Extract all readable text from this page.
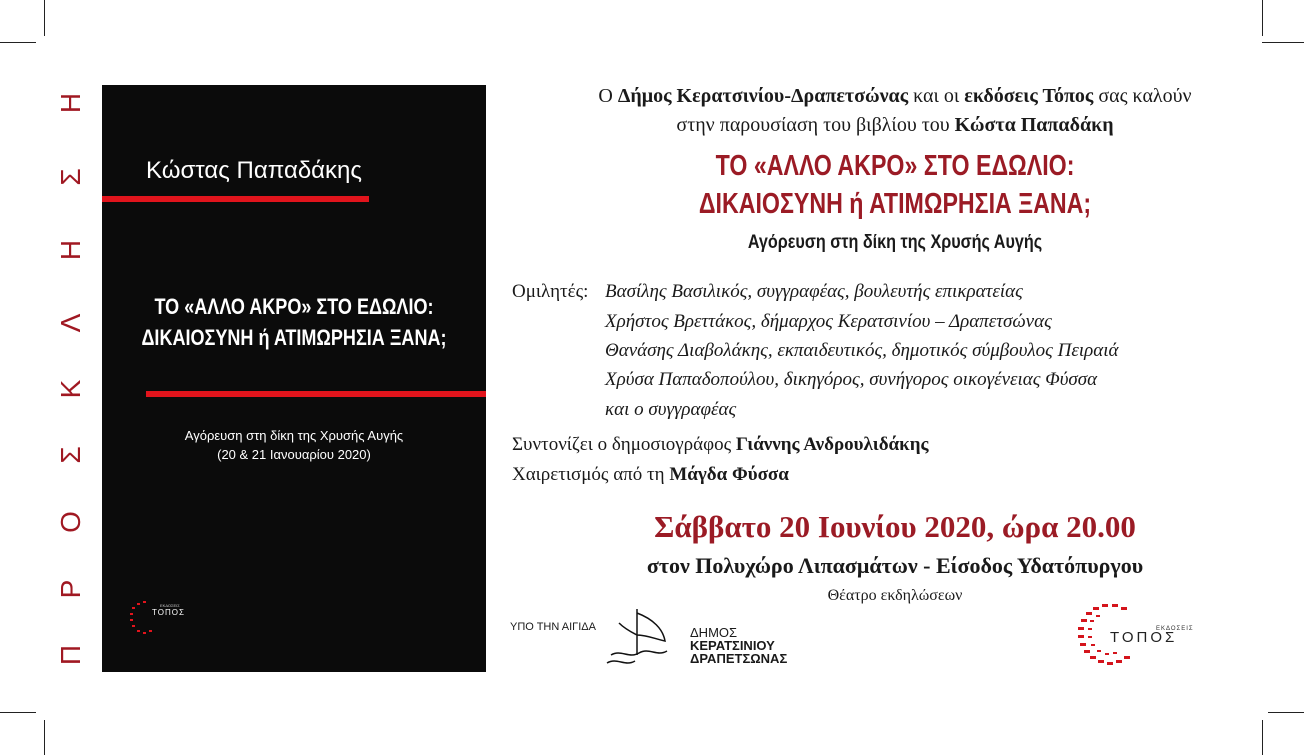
Π
Ρ
Ο
Σ
Κ
Λ
Η
Σ
Η
Κώστας Παπαδάκης
ΤΟ «ΑΛΛΟ ΑΚΡΟ» ΣΤΟ ΕΔΩΛΙΟ:
ΔΙΚΑΙΟΣΥΝΗ ή ΑΤΙΜΩΡΗΣΙΑ ΞΑΝΑ;
Αγόρευση στη δίκη της Χρυσής Αυγής
(20 & 21 Ιανουαρίου 2020)
ΕΚΔΟΣΕΙΣ
ΤΟΠΟΣ
Ο Δήμος Κερατσινίου-Δραπετσώνας και οι εκδόσεις Τόπος σας καλούν
στην παρουσίαση του βιβλίου του Κώστα Παπαδάκη
ΤΟ «ΑΛΛΟ ΑΚΡΟ» ΣΤΟ ΕΔΩΛΙΟ:
ΔΙΚΑΙΟΣΥΝΗ ή ΑΤΙΜΩΡΗΣΙΑ ΞΑΝΑ;
Αγόρευση στη δίκη της Χρυσής Αυγής
Ομιλητές: Βασίλης Βασιλικός, συγγραφέας, βουλευτής επικρατείας
Χρήστος Βρεττάκος, δήμαρχος Κερατσινίου – Δραπετσώνας
Θανάσης Διαβολάκης, εκπαιδευτικός, δημοτικός σύμβουλος Πειραιά
Χρύσα Παπαδοπούλου, δικηγόρος, συνήγορος οικογένειας Φύσσα
και ο συγγραφέας
Συντονίζει ο δημοσιογράφος Γιάννης Ανδρουλιδάκης
Χαιρετισμός από τη Μάγδα Φύσσα
Σάββατο 20 Ιουνίου 2020, ώρα 20.00
στον Πολυχώρο Λιπασμάτων - Είσοδος Υδατόπυργου
Θέατρο εκδηλώσεων
ΥΠΟ ΤΗΝ ΑΙΓΙΔΑ	ΔΗΜΟΣ
ΚΕΡΑΤΣΙΝΙΟΥ
ΔΡΑΠΕΤΣΩΝΑΣ
ΕΚΔΟΣΕΙΣ
ΤΟΠΟΣ
